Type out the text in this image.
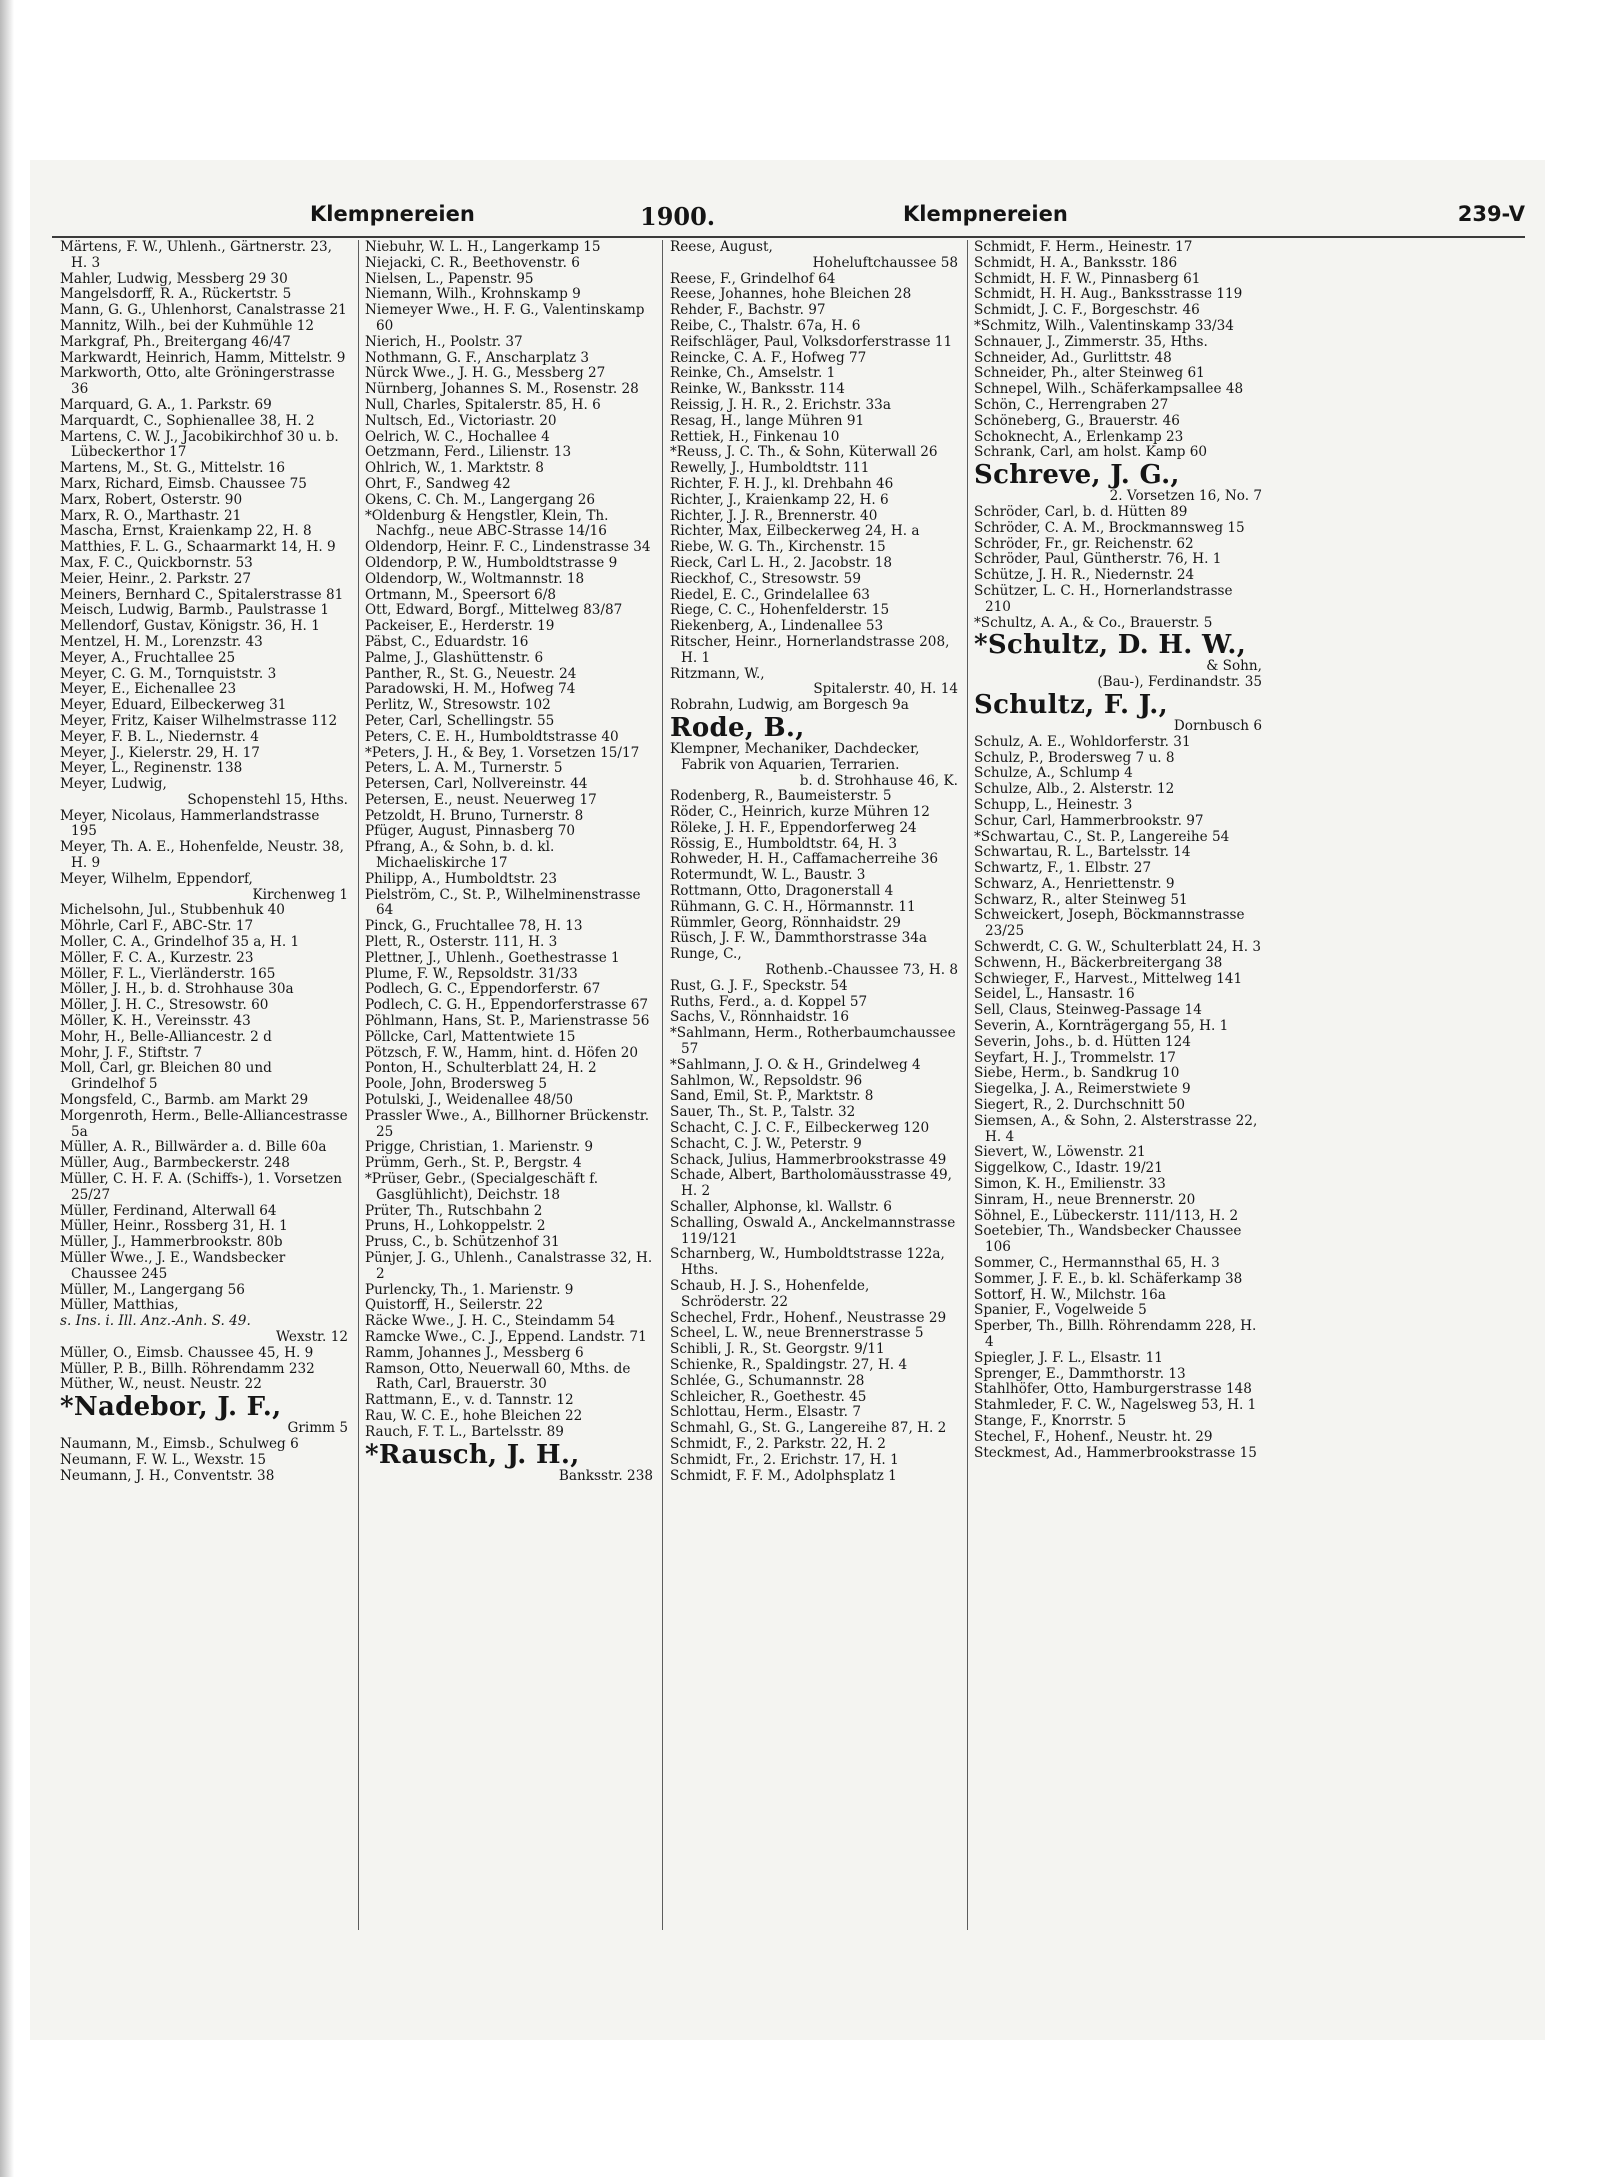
Klempnereien	1900.	Klempnereien	239-V
Märtens, F. W., Uhlenh., Gärtnerstr. 23, H. 3
Mahler, Ludwig, Messberg 29 30
Mangelsdorff, R. A., Rückertstr. 5
Mann, G. G., Uhlenhorst, Canalstrasse 21
Mannitz, Wilh., bei der Kuhmühle 12
Markgraf, Ph., Breitergang 46/47
Markwardt, Heinrich, Hamm, Mittelstr. 9
Markworth, Otto, alte Gröningerstrasse 36
Marquard, G. A., 1. Parkstr. 69
Marquardt, C., Sophienallee 38, H. 2
Martens, C. W. J., Jacobikirchhof 30 u. b. Lübeckerthor 17
Martens, M., St. G., Mittelstr. 16
Marx, Richard, Eimsb. Chaussee 75
Marx, Robert, Osterstr. 90
Marx, R. O., Marthastr. 21
Mascha, Ernst, Kraienkamp 22, H. 8
Matthies, F. L. G., Schaarmarkt 14, H. 9
Max, F. C., Quickbornstr. 53
Meier, Heinr., 2. Parkstr. 27
Meiners, Bernhard C., Spitalerstrasse 81
Meisch, Ludwig, Barmb., Paulstrasse 1
Mellendorf, Gustav, Königstr. 36, H. 1
Mentzel, H. M., Lorenzstr. 43
Meyer, A., Fruchtallee 25
Meyer, C. G. M., Tornquiststr. 3
Meyer, E., Eichenallee 23
Meyer, Eduard, Eilbeckerweg 31
Meyer, Fritz, Kaiser Wilhelmstrasse 112
Meyer, F. B. L., Niedernstr. 4
Meyer, J., Kielerstr. 29, H. 17
Meyer, L., Reginenstr. 138
Meyer, Ludwig,
Schopenstehl 15, Hths.
Meyer, Nicolaus, Hammerlandstrasse 195
Meyer, Th. A. E., Hohenfelde, Neustr. 38, H. 9
Meyer, Wilhelm, Eppendorf,
Kirchenweg 1
Michelsohn, Jul., Stubbenhuk 40
Möhrle, Carl F., ABC-Str. 17
Moller, C. A., Grindelhof 35 a, H. 1
Möller, F. C. A., Kurzestr. 23
Möller, F. L., Vierländerstr. 165
Möller, J. H., b. d. Strohhause 30a
Möller, J. H. C., Stresowstr. 60
Möller, K. H., Vereinsstr. 43
Mohr, H., Belle-Alliancestr. 2 d
Mohr, J. F., Stiftstr. 7
Moll, Carl, gr. Bleichen 80 und Grindelhof 5
Mongsfeld, C., Barmb. am Markt 29
Morgenroth, Herm., Belle-Alliancestrasse 5a
Müller, A. R., Billwärder a. d. Bille 60a
Müller, Aug., Barmbeckerstr. 248
Müller, C. H. F. A. (Schiffs-), 1. Vorsetzen 25/27
Müller, Ferdinand, Alterwall 64
Müller, Heinr., Rossberg 31, H. 1
Müller, J., Hammerbrookstr. 80b
Müller Wwe., J. E., Wandsbecker Chaussee 245
Müller, M., Langergang 56
Müller, Matthias,
s. Ins. i. Ill. Anz.-Anh. S. 49.
Wexstr. 12
Müller, O., Eimsb. Chaussee 45, H. 9
Müller, P. B., Billh. Röhrendamm 232
Müther, W., neust. Neustr. 22
*Nadebor, J. F.,
Grimm 5
Naumann, M., Eimsb., Schulweg 6
Neumann, F. W. L., Wexstr. 15
Neumann, J. H., Conventstr. 38
Niebuhr, W. L. H., Langerkamp 15
Niejacki, C. R., Beethovenstr. 6
Nielsen, L., Papenstr. 95
Niemann, Wilh., Krohnskamp 9
Niemeyer Wwe., H. F. G., Valentinskamp 60
Nierich, H., Poolstr. 37
Nothmann, G. F., Anscharplatz 3
Nürck Wwe., J. H. G., Messberg 27
Nürnberg, Johannes S. M., Rosenstr. 28
Null, Charles, Spitalerstr. 85, H. 6
Nultsch, Ed., Victoriastr. 20
Oelrich, W. C., Hochallee 4
Oetzmann, Ferd., Lilienstr. 13
Ohlrich, W., 1. Marktstr. 8
Ohrt, F., Sandweg 42
Okens, C. Ch. M., Langergang 26
*Oldenburg & Hengstler, Klein, Th. Nachfg., neue ABC-Strasse 14/16
Oldendorp, Heinr. F. C., Lindenstrasse 34
Oldendorp, P. W., Humboldtstrasse 9
Oldendorp, W., Woltmannstr. 18
Ortmann, M., Speersort 6/8
Ott, Edward, Borgf., Mittelweg 83/87
Packeiser, E., Herderstr. 19
Päbst, C., Eduardstr. 16
Palme, J., Glashüttenstr. 6
Panther, R., St. G., Neuestr. 24
Paradowski, H. M., Hofweg 74
Perlitz, W., Stresowstr. 102
Peter, Carl, Schellingstr. 55
Peters, C. E. H., Humboldtstrasse 40
*Peters, J. H., & Bey, 1. Vorsetzen 15/17
Peters, L. A. M., Turnerstr. 5
Petersen, Carl, Nollvereinstr. 44
Petersen, E., neust. Neuerweg 17
Petzoldt, H. Bruno, Turnerstr. 8
Pfüger, August, Pinnasberg 70
Pfrang, A., & Sohn, b. d. kl. Michaeliskirche 17
Philipp, A., Humboldtstr. 23
Pielström, C., St. P., Wilhelminenstrasse 64
Pinck, G., Fruchtallee 78, H. 13
Plett, R., Osterstr. 111, H. 3
Plettner, J., Uhlenh., Goethestrasse 1
Plume, F. W., Repsoldstr. 31/33
Podlech, G. C., Eppendorferstr. 67
Podlech, C. G. H., Eppendorferstrasse 67
Pöhlmann, Hans, St. P., Marienstrasse 56
Pöllcke, Carl, Mattentwiete 15
Pötzsch, F. W., Hamm, hint. d. Höfen 20
Ponton, H., Schulterblatt 24, H. 2
Poole, John, Brodersweg 5
Potulski, J., Weidenallee 48/50
Prassler Wwe., A., Billhorner Brückenstr. 25
Prigge, Christian, 1. Marienstr. 9
Prümm, Gerh., St. P., Bergstr. 4
*Prüser, Gebr., (Specialgeschäft f. Gasglühlicht), Deichstr. 18
Prüter, Th., Rutschbahn 2
Pruns, H., Lohkoppelstr. 2
Pruss, C., b. Schützenhof 31
Pünjer, J. G., Uhlenh., Canalstrasse 32, H. 2
Purlencky, Th., 1. Marienstr. 9
Quistorff, H., Seilerstr. 22
Räcke Wwe., J. H. C., Steindamm 54
Ramcke Wwe., C. J., Eppend. Landstr. 71
Ramm, Johannes J., Messberg 6
Ramson, Otto, Neuerwall 60, Mths. de Rath, Carl, Brauerstr. 30
Rattmann, E., v. d. Tannstr. 12
Rau, W. C. E., hohe Bleichen 22
Rauch, F. T. L., Bartelsstr. 89
*Rausch, J. H.,
Banksstr. 238
Reese, August,
Hoheluftchaussee 58
Reese, F., Grindelhof 64
Reese, Johannes, hohe Bleichen 28
Rehder, F., Bachstr. 97
Reibe, C., Thalstr. 67a, H. 6
Reifschläger, Paul, Volksdorferstrasse 11
Reincke, C. A. F., Hofweg 77
Reinke, Ch., Amselstr. 1
Reinke, W., Banksstr. 114
Reissig, J. H. R., 2. Erichstr. 33a
Resag, H., lange Mühren 91
Rettiek, H., Finkenau 10
*Reuss, J. C. Th., & Sohn, Küterwall 26
Rewelly, J., Humboldtstr. 111
Richter, F. H. J., kl. Drehbahn 46
Richter, J., Kraienkamp 22, H. 6
Richter, J. J. R., Brennerstr. 40
Richter, Max, Eilbeckerweg 24, H. a
Riebe, W. G. Th., Kirchenstr. 15
Rieck, Carl L. H., 2. Jacobstr. 18
Rieckhof, C., Stresowstr. 59
Riedel, E. C., Grindelallee 63
Riege, C. C., Hohenfelderstr. 15
Riekenberg, A., Lindenallee 53
Ritscher, Heinr., Hornerlandstrasse 208, H. 1
Ritzmann, W.,
Spitalerstr. 40, H. 14
Robrahn, Ludwig, am Borgesch 9a
Rode, B.,
Klempner, Mechaniker, Dachdecker, Fabrik von Aquarien, Terrarien.
b. d. Strohhause 46, K.
Rodenberg, R., Baumeisterstr. 5
Röder, C., Heinrich, kurze Mühren 12
Röleke, J. H. F., Eppendorferweg 24
Rössig, E., Humboldtstr. 64, H. 3
Rohweder, H. H., Caffamacherreihe 36
Rotermundt, W. L., Baustr. 3
Rottmann, Otto, Dragonerstall 4
Rühmann, G. C. H., Hörmannstr. 11
Rümmler, Georg, Rönnhaidstr. 29
Rüsch, J. F. W., Dammthorstrasse 34a
Runge, C.,
Rothenb.-Chaussee 73, H. 8
Rust, G. J. F., Speckstr. 54
Ruths, Ferd., a. d. Koppel 57
Sachs, V., Rönnhaidstr. 16
*Sahlmann, Herm., Rotherbaumchaussee 57
*Sahlmann, J. O. & H., Grindelweg 4
Sahlmon, W., Repsoldstr. 96
Sand, Emil, St. P., Marktstr. 8
Sauer, Th., St. P., Talstr. 32
Schacht, C. J. C. F., Eilbeckerweg 120
Schacht, C. J. W., Peterstr. 9
Schack, Julius, Hammerbrookstrasse 49
Schade, Albert, Bartholomäusstrasse 49, H. 2
Schaller, Alphonse, kl. Wallstr. 6
Schalling, Oswald A., Anckelmannstrasse 119/121
Scharnberg, W., Humboldtstrasse 122a, Hths.
Schaub, H. J. S., Hohenfelde, Schröderstr. 22
Schechel, Frdr., Hohenf., Neustrasse 29
Scheel, L. W., neue Brennerstrasse 5
Schibli, J. R., St. Georgstr. 9/11
Schienke, R., Spaldingstr. 27, H. 4
Schlée, G., Schumannstr. 28
Schleicher, R., Goethestr. 45
Schlottau, Herm., Elsastr. 7
Schmahl, G., St. G., Langereihe 87, H. 2
Schmidt, F., 2. Parkstr. 22, H. 2
Schmidt, Fr., 2. Erichstr. 17, H. 1
Schmidt, F. F. M., Adolphsplatz 1
Schmidt, F. Herm., Heinestr. 17
Schmidt, H. A., Banksstr. 186
Schmidt, H. F. W., Pinnasberg 61
Schmidt, H. H. Aug., Banksstrasse 119
Schmidt, J. C. F., Borgeschstr. 46
*Schmitz, Wilh., Valentinskamp 33/34
Schnauer, J., Zimmerstr. 35, Hths.
Schneider, Ad., Gurlittstr. 48
Schneider, Ph., alter Steinweg 61
Schnepel, Wilh., Schäferkampsallee 48
Schön, C., Herrengraben 27
Schöneberg, G., Brauerstr. 46
Schoknecht, A., Erlenkamp 23
Schrank, Carl, am holst. Kamp 60
Schreve, J. G.,
2. Vorsetzen 16, No. 7
Schröder, Carl, b. d. Hütten 89
Schröder, C. A. M., Brockmannsweg 15
Schröder, Fr., gr. Reichenstr. 62
Schröder, Paul, Güntherstr. 76, H. 1
Schütze, J. H. R., Niedernstr. 24
Schützer, L. C. H., Hornerlandstrasse 210
*Schultz, A. A., & Co., Brauerstr. 5
*Schultz, D. H. W.,
& Sohn,
(Bau-), Ferdinandstr. 35
Schultz, F. J.,
Dornbusch 6
Schulz, A. E., Wohldorferstr. 31
Schulz, P., Brodersweg 7 u. 8
Schulze, A., Schlump 4
Schulze, Alb., 2. Alsterstr. 12
Schupp, L., Heinestr. 3
Schur, Carl, Hammerbrookstr. 97
*Schwartau, C., St. P., Langereihe 54
Schwartau, R. L., Bartelsstr. 14
Schwartz, F., 1. Elbstr. 27
Schwarz, A., Henriettenstr. 9
Schwarz, R., alter Steinweg 51
Schweickert, Joseph, Böckmannstrasse 23/25
Schwerdt, C. G. W., Schulterblatt 24, H. 3
Schwenn, H., Bäckerbreitergang 38
Schwieger, F., Harvest., Mittelweg 141
Seidel, L., Hansastr. 16
Sell, Claus, Steinweg-Passage 14
Severin, A., Kornträgergang 55, H. 1
Severin, Johs., b. d. Hütten 124
Seyfart, H. J., Trommelstr. 17
Siebe, Herm., b. Sandkrug 10
Siegelka, J. A., Reimerstwiete 9
Siegert, R., 2. Durchschnitt 50
Siemsen, A., & Sohn, 2. Alsterstrasse 22, H. 4
Sievert, W., Löwenstr. 21
Siggelkow, C., Idastr. 19/21
Simon, K. H., Emilienstr. 33
Sinram, H., neue Brennerstr. 20
Söhnel, E., Lübeckerstr. 111/113, H. 2
Soetebier, Th., Wandsbecker Chaussee 106
Sommer, C., Hermannsthal 65, H. 3
Sommer, J. F. E., b. kl. Schäferkamp 38
Sottorf, H. W., Milchstr. 16a
Spanier, F., Vogelweide 5
Sperber, Th., Billh. Röhrendamm 228, H. 4
Spiegler, J. F. L., Elsastr. 11
Sprenger, E., Dammthorstr. 13
Stahlhöfer, Otto, Hamburgerstrasse 148
Stahmleder, F. C. W., Nagelsweg 53, H. 1
Stange, F., Knorrstr. 5
Stechel, F., Hohenf., Neustr. ht. 29
Steckmest, Ad., Hammerbrookstrasse 15
